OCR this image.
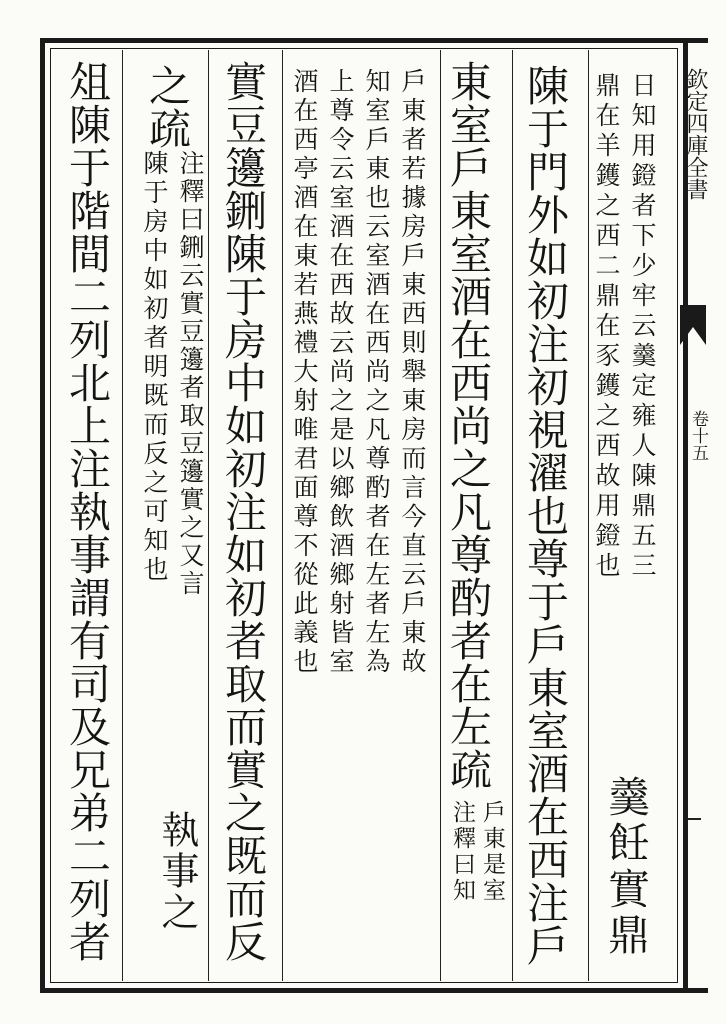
欽定四庫全書
卷十五
日知用鐙者下少牢云羹定雍人陳鼎五三
鼎在羊鑊之西二鼎在豕鑊之西故用鐙也
羹飪實鼎
陳于門外如初注初視濯也尊于戶東室酒在西注戶
戶東是室
注釋曰知
東室戶東室酒在西尚之凡尊酌者在左疏
戶東者若據房戶東西則舉東房而言今直云戶東故
知室戶東也云室酒在西尚之凡尊酌者在左者左為
上尊令云室酒在西故云尚之是以鄉飲酒鄉射皆室
酒在西亭酒在東若燕禮大射唯君面尊不從此義也
實豆籩鉶陳于房中如初注如初者取而實之既而反
之疏
注釋曰鉶云實豆籩者取豆籩實之又言
陳于房中如初者明既而反之可知也
執事之
俎陳于階間二列北上注執事謂有司及兄弟二列者
